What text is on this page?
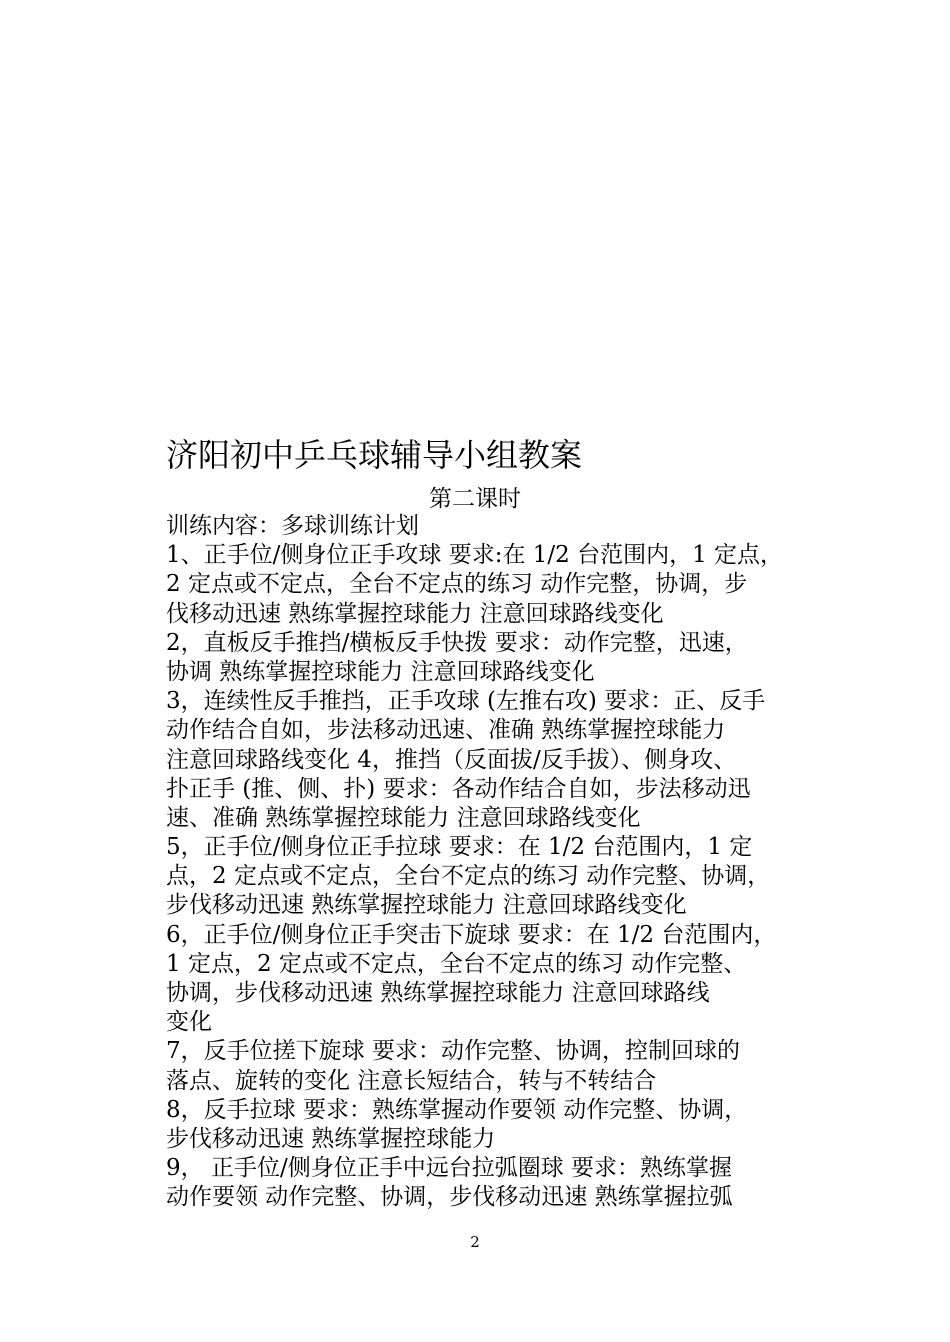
济阳初中乒乓球辅导小组教案
第二课时
训练内容：多球训练计划
1、正手位/侧身位正手攻球 要求:在 1/2 台范围内，1 定点，
2 定点或不定点，全台不定点的练习 动作完整，协调，步
伐移动迅速 熟练掌握控球能力 注意回球路线变化
2，直板反手推挡/横板反手快拨 要求：动作完整，迅速，
协调 熟练掌握控球能力 注意回球路线变化
3，连续性反手推挡，正手攻球 (左推右攻) 要求：正、反手
动作结合自如，步法移动迅速、准确 熟练掌握控球能力
注意回球路线变化 4，推挡（反面拔/反手拔）、侧身攻、
扑正手 (推、侧、扑) 要求：各动作结合自如，步法移动迅
速、准确 熟练掌握控球能力 注意回球路线变化
5，正手位/侧身位正手拉球 要求：在 1/2 台范围内，1 定
点，2 定点或不定点，全台不定点的练习 动作完整、协调，
步伐移动迅速 熟练掌握控球能力 注意回球路线变化
6，正手位/侧身位正手突击下旋球 要求：在 1/2 台范围内，
1 定点，2 定点或不定点，全台不定点的练习 动作完整、
协调，步伐移动迅速 熟练掌握控球能力 注意回球路线
变化
7，反手位搓下旋球 要求：动作完整、协调，控制回球的
落点、旋转的变化 注意长短结合，转与不转结合
8，反手拉球 要求：熟练掌握动作要领 动作完整、协调，
步伐移动迅速 熟练掌握控球能力
9， 正手位/侧身位正手中远台拉弧圈球 要求：熟练掌握
动作要领 动作完整、协调，步伐移动迅速 熟练掌握拉弧
2
